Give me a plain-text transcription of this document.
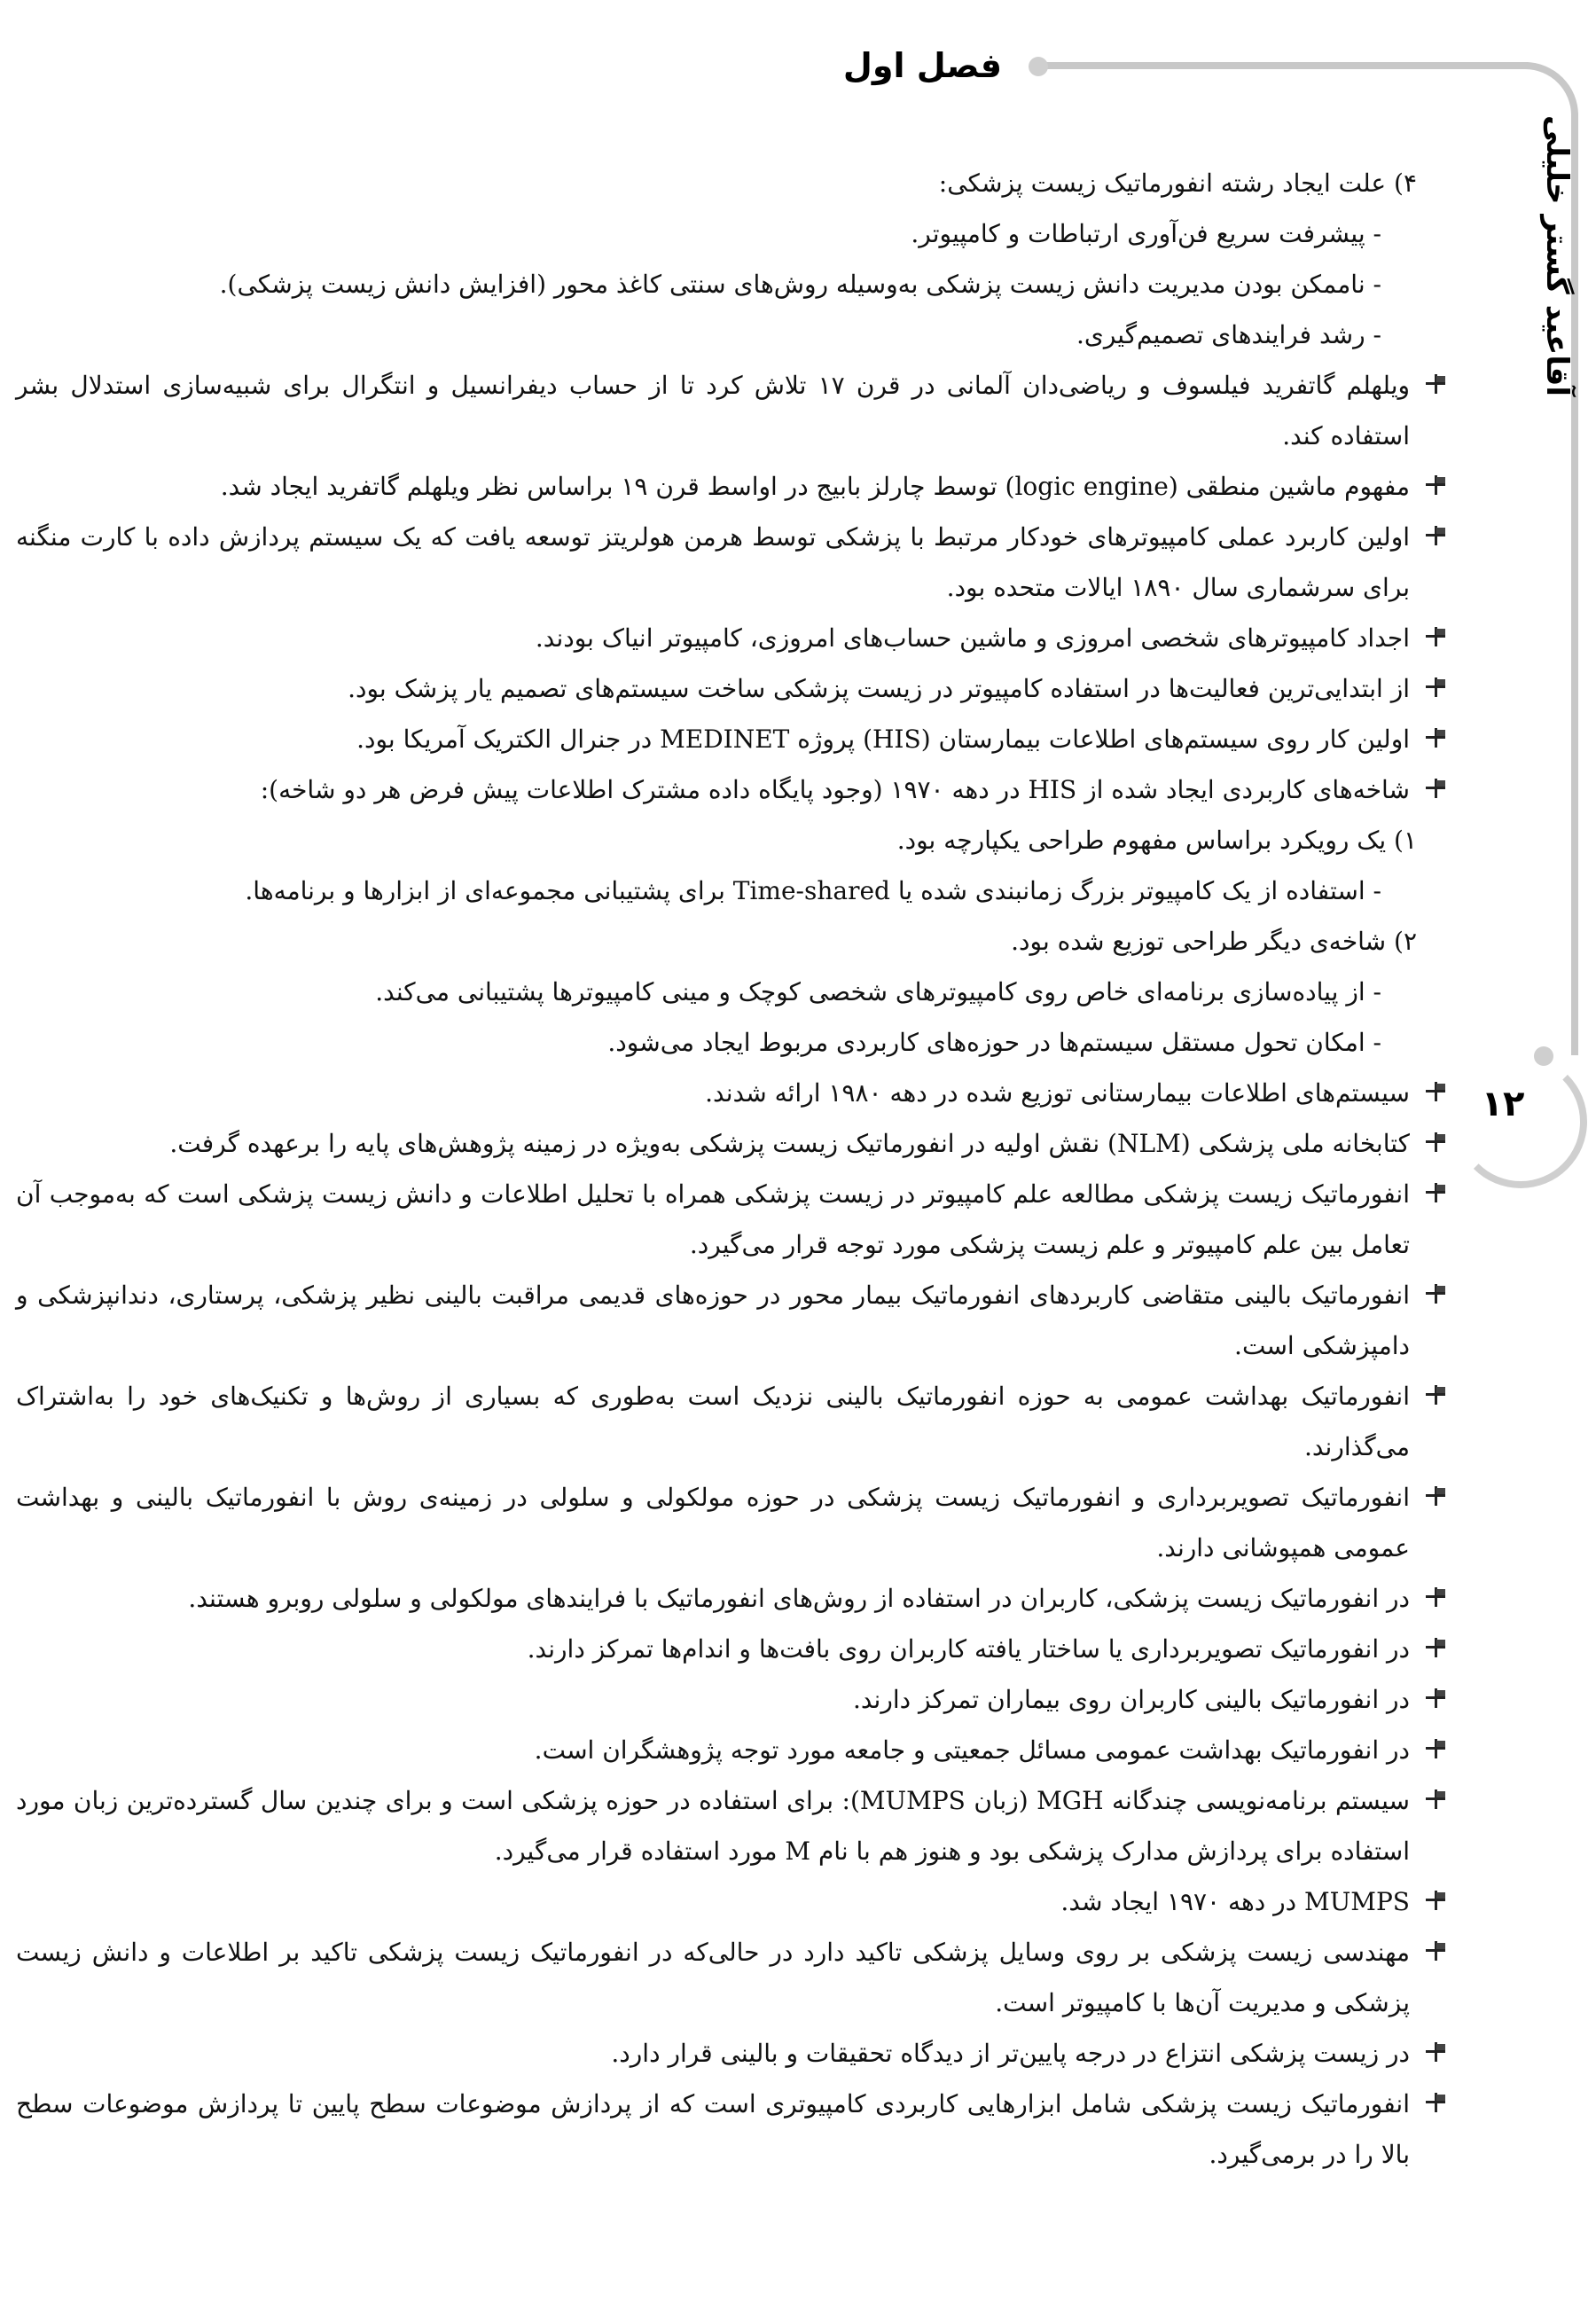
فصل اول
آقاعید گستر خلیلی
۱۲

۴) علت ایجاد رشته انفورماتیک زیست پزشکی:

- پیشرفت سریع فن‌آوری ارتباطات و کامپیوتر.

- ناممکن بودن مدیریت دانش زیست پزشکی به‌وسیله روش‌های سنتی کاغذ محور (افزایش دانش زیست پزشکی).

- رشد فرایندهای تصمیم‌گیری.

ویلهلم گاتفرید فیلسوف و ریاضی‌دان آلمانی در قرن ۱۷ تلاش کرد تا از حساب دیفرانسیل و انتگرال برای شبیه‌سازی استدلال بشر استفاده کند.

مفهوم ماشین منطقی (logic engine) توسط چارلز بابیج در اواسط قرن ۱۹ براساس نظر ویلهلم گاتفرید ایجاد شد.

اولین کاربرد عملی کامپیوترهای خودکار مرتبط با پزشکی توسط هرمن هولریتز توسعه یافت که یک سیستم پردازش داده با کارت منگنه برای سرشماری سال ۱۸۹۰ ایالات متحده بود.

اجداد کامپیوترهای شخصی امروزی و ماشین حساب‌های امروزی، کامپیوتر انیاک بودند.

از ابتدایی‌ترین فعالیت‌ها در استفاده کامپیوتر در زیست پزشکی ساخت سیستم‌های تصمیم یار پزشک بود.

اولین کار روی سیستم‌های اطلاعات بیمارستان (HIS) پروژه MEDINET در جنرال الکتریک آمریکا بود.

شاخه‌های کاربردی ایجاد شده از HIS در دهه ۱۹۷۰ (وجود پایگاه داده مشترک اطلاعات پیش فرض هر دو شاخه):

۱) یک رویکرد براساس مفهوم طراحی یکپارچه بود.

- استفاده از یک کامپیوتر بزرگ زمانبندی شده یا Time-shared برای پشتیبانی مجموعه‌ای از ابزارها و برنامه‌ها.

۲) شاخه‌ی دیگر طراحی توزیع شده بود.

- از پیاده‌سازی برنامه‌ای خاص روی کامپیوترهای شخصی کوچک و مینی کامپیوترها پشتیبانی می‌کند.

- امکان تحول مستقل سیستم‌ها در حوزه‌های کاربردی مربوط ایجاد می‌شود.

سیستم‌های اطلاعات بیمارستانی توزیع شده در دهه ۱۹۸۰ ارائه شدند.

کتابخانه ملی پزشکی (NLM) نقش اولیه در انفورماتیک زیست پزشکی به‌ویژه در زمینه پژوهش‌های پایه را برعهده گرفت.

انفورماتیک زیست پزشکی مطالعه علم کامپیوتر در زیست پزشکی همراه با تحلیل اطلاعات و دانش زیست پزشکی است که به‌موجب آن تعامل بین علم کامپیوتر و علم زیست پزشکی مورد توجه قرار می‌گیرد.

انفورماتیک بالینی متقاضی کاربردهای انفورماتیک بیمار محور در حوزه‌های قدیمی مراقبت بالینی نظیر پزشکی، پرستاری، دندانپزشکی و دامپزشکی است.

انفورماتیک بهداشت عمومی به حوزه انفورماتیک بالینی نزدیک است به‌طوری که بسیاری از روش‌ها و تکنیک‌های خود را به‌اشتراک می‌گذارند.

انفورماتیک تصویربرداری و انفورماتیک زیست پزشکی در حوزه مولکولی و سلولی در زمینه‌ی روش با انفورماتیک بالینی و بهداشت عمومی همپوشانی دارند.

در انفورماتیک زیست پزشکی، کاربران در استفاده از روش‌های انفورماتیک با فرایندهای مولکولی و سلولی روبرو هستند.

در انفورماتیک تصویربرداری یا ساختار یافته کاربران روی بافت‌ها و اندام‌ها تمرکز دارند.

در انفورماتیک بالینی کاربران روی بیماران تمرکز دارند.

در انفورماتیک بهداشت عمومی مسائل جمعیتی و جامعه مورد توجه پژوهشگران است.

سیستم برنامه‌نویسی چندگانه MGH (زبان MUMPS): برای استفاده در حوزه پزشکی است و برای چندین سال گسترده‌ترین زبان مورد استفاده برای پردازش مدارک پزشکی بود و هنوز هم با نام M مورد استفاده قرار می‌گیرد.

MUMPS در دهه ۱۹۷۰ ایجاد شد.

مهندسی زیست پزشکی بر روی وسایل پزشکی تاکید دارد در حالی‌که در انفورماتیک زیست پزشکی تاکید بر اطلاعات و دانش زیست پزشکی و مدیریت آن‌ها با کامپیوتر است.

در زیست پزشکی انتزاع در درجه پایین‌تر از دیدگاه تحقیقات و بالینی قرار دارد.

انفورماتیک زیست پزشکی شامل ابزارهایی کاربردی کامپیوتری است که از پردازش موضوعات سطح پایین تا پردازش موضوعات سطح بالا را در برمی‌گیرد.
